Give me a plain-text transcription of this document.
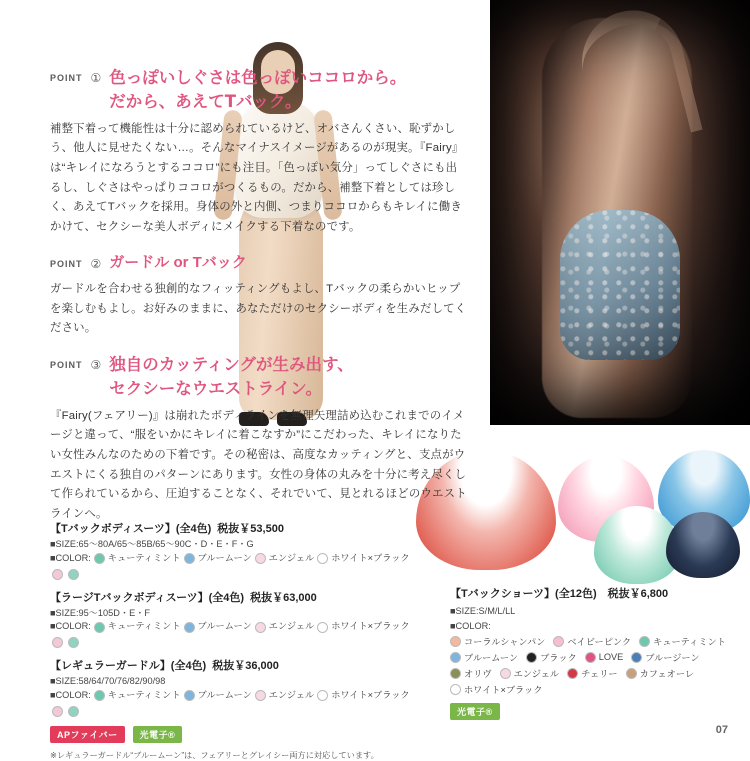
POINT ① 色っぽいしぐさは色っぽいココロから。
だから、あえてTバック。
補整下着って機能性は十分に認められているけど、オバさんくさい、恥ずかしう、他人に見せたくない…。そんなマイナスイメージがあるのが現実。『Fairy』は“キレイになろうとするココロ”にも注目。「色っぽい気分」ってしぐさにも出るし、しぐさはやっぱりココロがつくるもの。だから、補整下着としては珍しく、あえてTバックを採用。身体の外と内側、つまりココロからもキレイに働きかけて、セクシーな美人ボディにメイクする下着なのです。
POINT ② ガードル or Tバック
ガードルを合わせる独創的なフィッティングもよし、Tバックの柔らかいヒップを楽しむもよし。お好みのままに、あなただけのセクシーボディを生みだしてください。
POINT ③ 独自のカッティングが生み出す、
セクシーなウエストライン。
『Fairy(フェアリー)』は崩れたボディラインを無理矢理詰め込むこれまでのイメージと違って、“服をいかにキレイに着こなすか”にこだわった、キレイになりたい女性みんなのための下着です。その秘密は、高度なカッティングと、支点がウエストにくる独自のパターンにあります。女性の身体の丸みを十分に考え尽くして作られているから、圧迫することなく、それでいて、見とれるほどのウエストラインへ。
【Tバックボディスーツ】(全4色) 税抜￥53,500
■SIZE:65〜80A/65〜85B/65〜90C・D・E・F・G
■COLOR: キューティミント ブルームーン エンジェル ホワイト×ブラック
【ラージTバックボディスーツ】(全4色) 税抜￥63,000
■SIZE:95〜105D・E・F
■COLOR: キューティミント ブルームーン エンジェル ホワイト×ブラック
【レギュラーガードル】(全4色) 税抜￥36,000
■SIZE:58/64/70/76/82/90/98
■COLOR: キューティミント ブルームーン エンジェル ホワイト×ブラック
APファイバー	光電子®
※レギュラーガードル“ブルームーン”は、フェアリーとグレイシー両方に対応しています。
【Tバックショーツ】(全12色)　税抜￥6,800
■SIZE:S/M/L/LL
■COLOR:
コーラルシャンパン ベイビーピンク キューティミント
ブルームーン ブラック LOVE ブルージーン
オリヴ エンジェル チェリー カフェオーレ
ホワイト×ブラック
光電子®
07
